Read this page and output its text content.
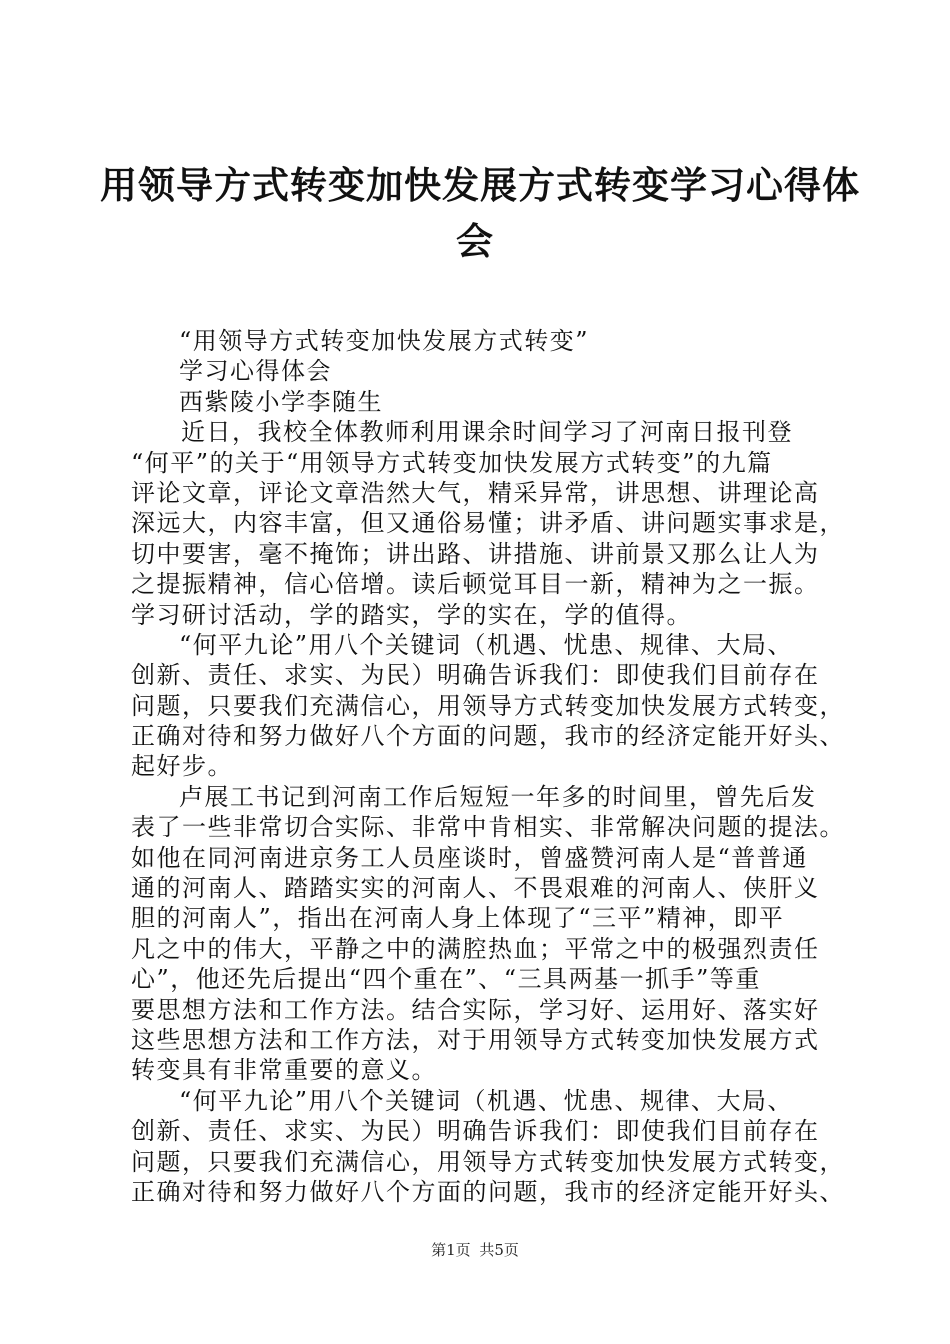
用领导方式转变加快发展方式转变学习心得体
会
“用领导方式转变加快发展方式转变”
学习心得体会
西紫陵小学李随生
近日，我校全体教师利用课余时间学习了河南日报刊登
“何平”的关于“用领导方式转变加快发展方式转变”的九篇
评论文章，评论文章浩然大气，精采异常，讲思想、讲理论高
深远大，内容丰富，但又通俗易懂；讲矛盾、讲问题实事求是，
切中要害，毫不掩饰；讲出路、讲措施、讲前景又那么让人为
之提振精神，信心倍增。读后顿觉耳目一新，精神为之一振。
学习研讨活动，学的踏实，学的实在，学的值得。
“何平九论”用八个关键词（机遇、忧患、规律、大局、
创新、责任、求实、为民）明确告诉我们：即使我们目前存在
问题，只要我们充满信心，用领导方式转变加快发展方式转变，
正确对待和努力做好八个方面的问题，我市的经济定能开好头、
起好步。
卢展工书记到河南工作后短短一年多的时间里，曾先后发
表了一些非常切合实际、非常中肯相实、非常解决问题的提法。
如他在同河南进京务工人员座谈时，曾盛赞河南人是“普普通
通的河南人、踏踏实实的河南人、不畏艰难的河南人、侠肝义
胆的河南人”，指出在河南人身上体现了“三平”精神，即平
凡之中的伟大，平静之中的满腔热血；平常之中的极强烈责任
心”，他还先后提出“四个重在”、“三具两基一抓手”等重
要思想方法和工作方法。结合实际，学习好、运用好、落实好
这些思想方法和工作方法，对于用领导方式转变加快发展方式
转变具有非常重要的意义。
“何平九论”用八个关键词（机遇、忧患、规律、大局、
创新、责任、求实、为民）明确告诉我们：即使我们目前存在
问题，只要我们充满信心，用领导方式转变加快发展方式转变，
正确对待和努力做好八个方面的问题，我市的经济定能开好头、
第1页 共5页
